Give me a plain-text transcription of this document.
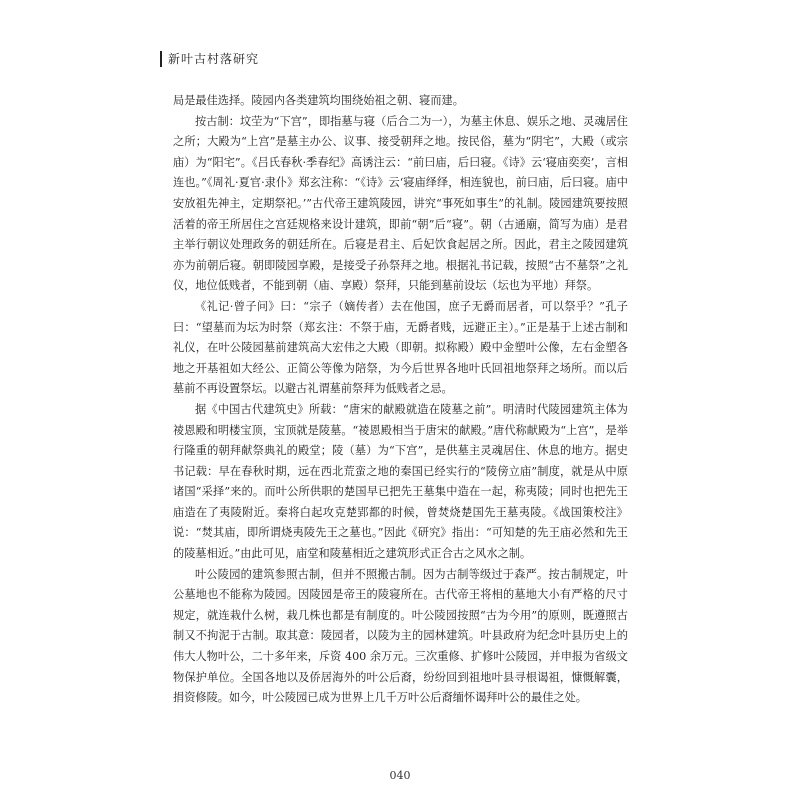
新叶古村落研究

局是最佳选择。陵园内各类建筑均围绕始祖之朝、寝而建。

按古制：坟茔为“下宫”，即指墓与寝（后合二为一），为墓主休息、娱乐之地、灵魂居住之所；大殿为“上宫”是墓主办公、议事、接受朝拜之地。按民俗，墓为“阴宅”，大殿（或宗庙）为“阳宅”。《吕氏春秋·季春纪》高诱注云：“前曰庙，后曰寝。《诗》云‘寝庙奕奕’，言相连也。”《周礼·夏官·隶仆》郑玄注称：“《诗》云‘寝庙绎绎，相连貌也，前曰庙，后曰寝。庙中安放祖先神主，定期祭祀。’”古代帝王建筑陵园，讲究“事死如事生”的礼制。陵园建筑要按照活着的帝王所居住之宫廷规格来设计建筑，即前“朝”后“寝”。朝（古通廟，简写为庙）是君主举行朝议处理政务的朝廷所在。后寝是君主、后妃饮食起居之所。因此，君主之陵园建筑亦为前朝后寝。朝即陵园享殿，是接受子孙祭拜之地。根据礼书记载，按照“古不墓祭”之礼仪，地位低贱者，不能到朝（庙、享殿）祭拜，只能到墓前设坛（坛也为平地）拜祭。

《礼记·曾子问》曰：“宗子（嫡传者）去在他国，庶子无爵而居者，可以祭乎？”孔子曰：“望墓而为坛为时祭（郑玄注：不祭于庙，无爵者贱，远避正主）。”正是基于上述古制和礼仪，在叶公陵园墓前建筑高大宏伟之大殿（即朝。拟称殿）殿中金塑叶公像，左右金塑各地之开基祖如大经公、正简公等像为陪祭，为今后世界各地叶氏回祖地祭拜之场所。而以后墓前不再设置祭坛。以避古礼谓墓前祭拜为低贱者之忌。

据《中国古代建筑史》所载：“唐宋的献殿就造在陵墓之前”。明清时代陵园建筑主体为祾恩殿和明楼宝顶，宝顶就是陵墓。“祾恩殿相当于唐宋的献殿。”唐代称献殿为“上宫”，是举行隆重的朝拜献祭典礼的殿堂；陵（墓）为“下宫”，是供墓主灵魂居住、休息的地方。据史书记载：早在春秋时期，远在西北荒蛮之地的秦国已经实行的“陵傍立庙”制度，就是从中原诸国“采择”来的。而叶公所供职的楚国早已把先王墓集中造在一起，称夷陵；同时也把先王庙造在了夷陵附近。秦将白起攻克楚郢都的时候，曾焚烧楚国先王墓夷陵。《战国策校注》说：“焚其庙，即所谓烧夷陵先王之墓也。”因此《研究》指出：“可知楚的先王庙必然和先王的陵墓相近。”由此可见，庙堂和陵墓相近之建筑形式正合古之风水之制。

叶公陵园的建筑参照古制，但并不照搬古制。因为古制等级过于森严。按古制规定，叶公墓地也不能称为陵园。因陵园是帝王的陵寝所在。古代帝王将相的墓地大小有严格的尺寸规定，就连栽什么树，栽几株也都是有制度的。叶公陵园按照“古为今用”的原则，既遵照古制又不拘泥于古制。取其意：陵园者，以陵为主的园林建筑。叶县政府为纪念叶县历史上的伟大人物叶公，二十多年来，斥资 400 余万元。三次重修、扩修叶公陵园，并申报为省级文物保护单位。全国各地以及侨居海外的叶公后裔，纷纷回到祖地叶县寻根谒祖，慷慨解囊，捐资修陵。如今，叶公陵园已成为世界上几千万叶公后裔缅怀谒拜叶公的最佳之处。

040
